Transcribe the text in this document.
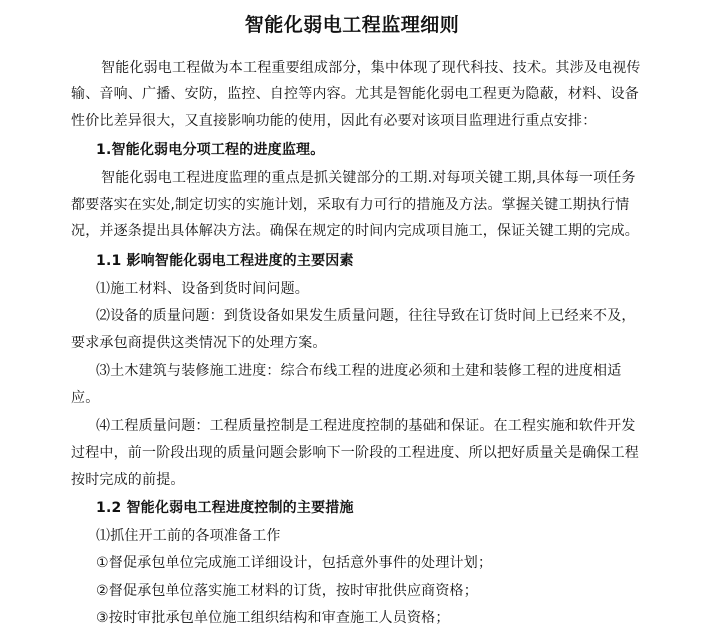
智能化弱电工程监理细则
智能化弱电工程做为本工程重要组成部分，集中体现了现代科技、技术。其涉及电视传
输、音响、广播、安防，监控、自控等内容。尤其是智能化弱电工程更为隐蔽，材料、设备
性价比差异很大，又直接影响功能的使用，因此有必要对该项目监理进行重点安排：
1.智能化弱电分项工程的进度监理。
智能化弱电工程进度监理的重点是抓关键部分的工期.对每项关键工期,具体每一项任务
都要落实在实处,制定切实的实施计划，采取有力可行的措施及方法。掌握关键工期执行情
况，并逐条提出具体解决方法。确保在规定的时间内完成项目施工，保证关键工期的完成。
1.1 影响智能化弱电工程进度的主要因素
⑴施工材料、设备到货时间问题。
⑵设备的质量问题：到货设备如果发生质量问题，往往导致在订货时间上已经来不及，
要求承包商提供这类情况下的处理方案。
⑶土木建筑与装修施工进度：综合布线工程的进度必须和土建和装修工程的进度相适
应。
⑷工程质量问题：工程质量控制是工程进度控制的基础和保证。在工程实施和软件开发
过程中，前一阶段出现的质量问题会影响下一阶段的工程进度、所以把好质量关是确保工程
按时完成的前提。
1.2 智能化弱电工程进度控制的主要措施
⑴抓住开工前的各项准备工作
①督促承包单位完成施工详细设计，包括意外事件的处理计划；
②督促承包单位落实施工材料的订货，按时审批供应商资格；
③按时审批承包单位施工组织结构和审查施工人员资格；
